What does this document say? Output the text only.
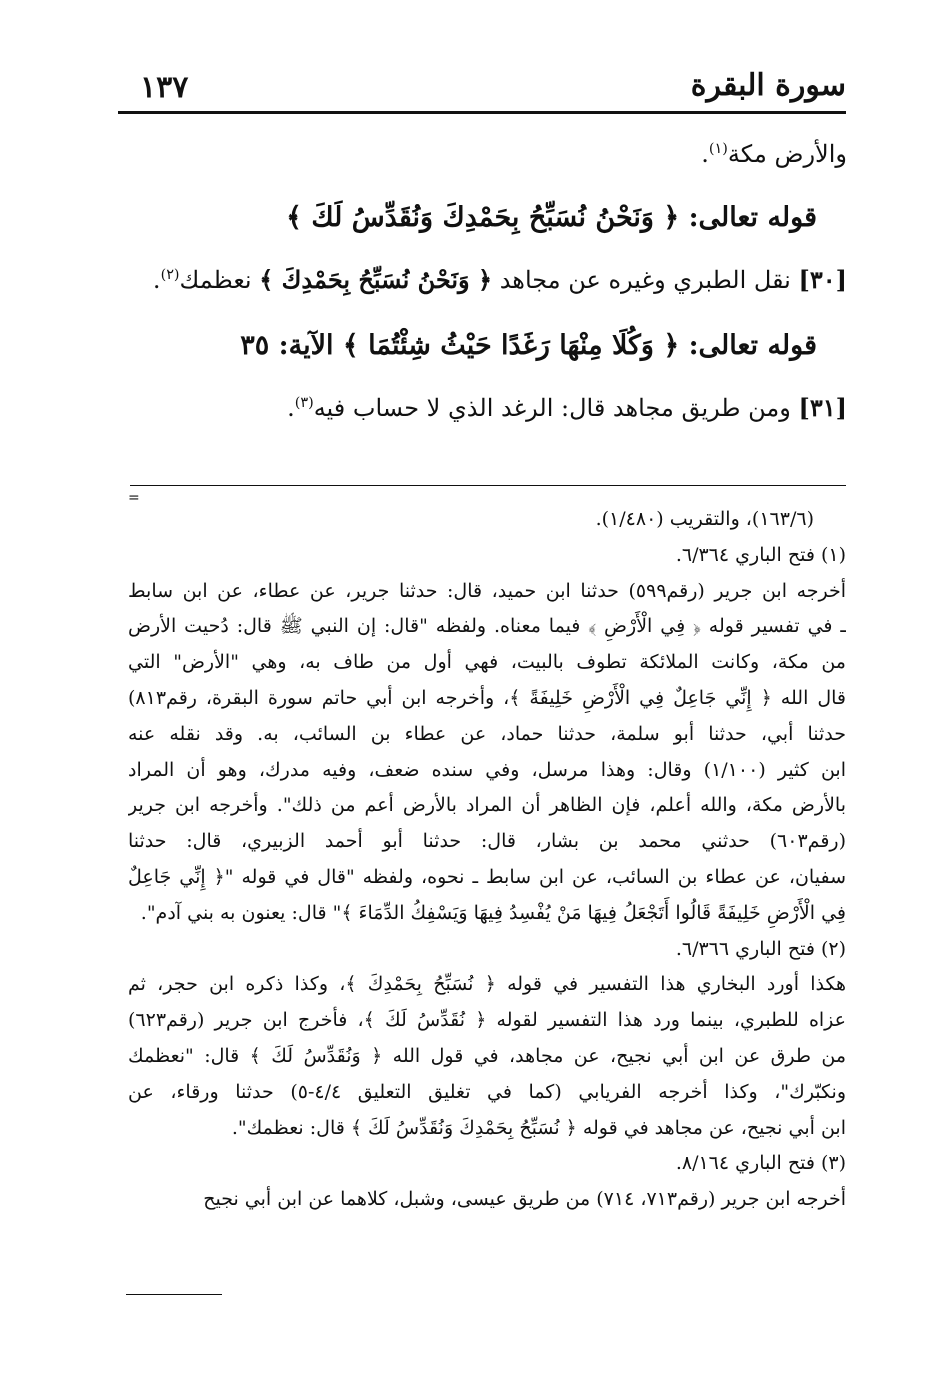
١٣٧	سورة البقرة
والأرض مكة$^{(١)}$.
قوله تعالى: ﴿ وَنَحْنُ نُسَبِّحُ بِحَمْدِكَ وَنُقَدِّسُ لَكَ ﴾
[٣٠] نقل الطبري وغيره عن مجاهد ﴿ وَنَحْنُ نُسَبِّحُ بِحَمْدِكَ ﴾ نعظمك$^{(٢)}$.
قوله تعالى: ﴿ وَكُلَا مِنْهَا رَغَدًا حَيْثُ شِئْتُمَا ﴾ الآية: ٣٥
[٣١] ومن طريق مجاهد قال: الرغد الذي لا حساب فيه$^{(٣)}$.
=
(١٦٣/٦)، والتقريب (١/٤٨٠).
(١) فتح الباري ٦/٣٦٤.
أخرجه ابن جرير (رقم٥٩٩) حدثنا ابن حميد، قال: حدثنا جرير، عن عطاء، عن ابن سابط
ـ في تفسير قوله ﴿ فِي الْأَرْضِ ﴾ فيما معناه. ولفظه "قال: إن النبي ﷺ قال: دُحيت الأرض
من مكة، وكانت الملائكة تطوف بالبيت، فهي أول من طاف به، وهي "الأرض" التي
قال الله ﴿ إِنِّي جَاعِلٌ فِي الْأَرْضِ خَلِيفَةً ﴾، وأخرجه ابن أبي حاتم سورة البقرة، رقم٨١٣)
حدثنا أبي، حدثنا أبو سلمة، حدثنا حماد، عن عطاء بن السائب، به. وقد نقله عنه
ابن كثير (١/١٠٠) وقال: وهذا مرسل، وفي سنده ضعف، وفيه مدرك، وهو أن المراد
بالأرض مكة، والله أعلم، فإن الظاهر أن المراد بالأرض أعم من ذلك". وأخرجه ابن جرير
(رقم٦٠٣) حدثني محمد بن بشار، قال: حدثنا أبو أحمد الزبيري، قال: حدثنا
سفيان، عن عطاء بن السائب، عن ابن سابط ـ نحوه، ولفظه "قال في قوله "﴿ إِنِّي جَاعِلٌ
فِي الْأَرْضِ خَلِيفَةً قَالُوا أَتَجْعَلُ فِيهَا مَنْ يُفْسِدُ فِيهَا وَيَسْفِكُ الدِّمَاءَ ﴾" قال: يعنون به بني آدم".
(٢) فتح الباري ٦/٣٦٦.
هكذا أورد البخاري هذا التفسير في قوله ﴿ نُسَبِّحُ بِحَمْدِكَ ﴾، وكذا ذكره ابن حجر، ثم
عزاه للطبري، بينما ورد هذا التفسير لقوله ﴿ نُقَدِّسُ لَكَ ﴾، فأخرج ابن جرير (رقم٦٢٣)
من طرق عن ابن أبي نجيح، عن مجاهد، في قول الله ﴿ وَنُقَدِّسُ لَكَ ﴾ قال: "نعظمك
ونكبّرك"، وكذا أخرجه الفريابي (كما في تغليق التعليق ٤/٤-٥) حدثنا ورقاء، عن
ابن أبي نجيح، عن مجاهد في قوله ﴿ نُسَبِّحُ بِحَمْدِكَ وَنُقَدِّسُ لَكَ ﴾ قال: نعظمك".
(٣) فتح الباري ٨/١٦٤.
أخرجه ابن جرير (رقم٧١٣، ٧١٤) من طريق عيسى، وشبل، كلاهما عن ابن أبي نجيح
